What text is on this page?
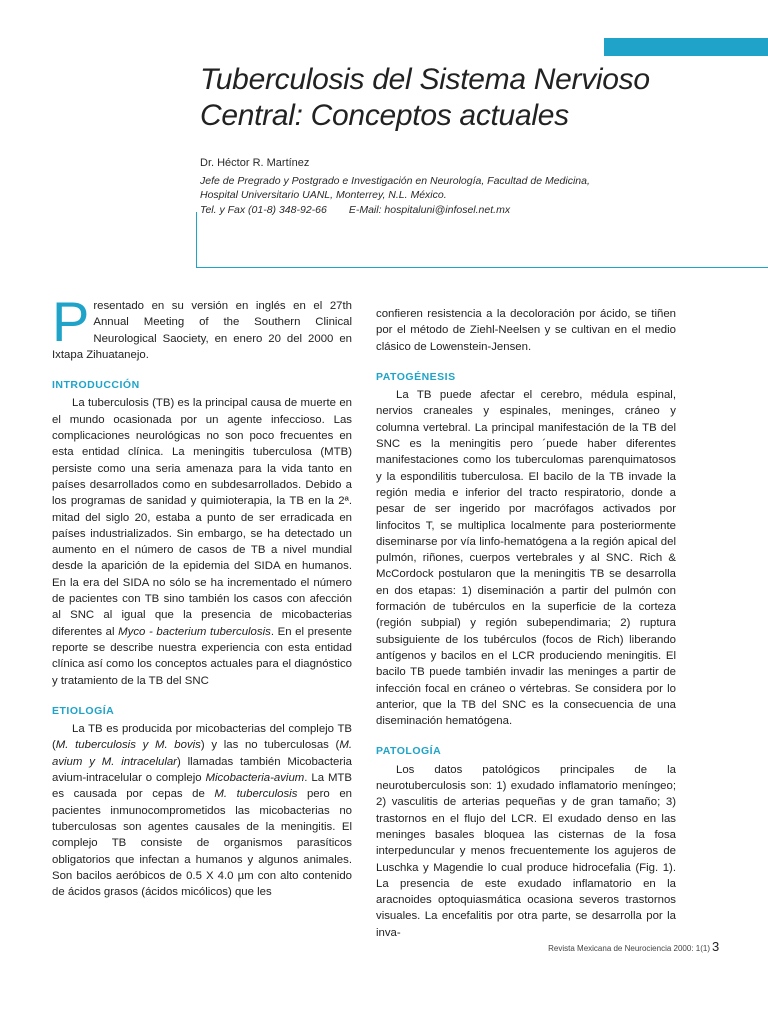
Tuberculosis del Sistema Nervioso
Central: Conceptos actuales
Dr. Héctor R. Martínez
Jefe de Pregrado y Postgrado e Investigación en Neurología, Facultad de Medicina,
Hospital Universitario UANL, Monterrey, N.L. México.
Tel. y Fax (01-8) 348-92-66 E-Mail: hospitaluni@infosel.net.mx

Presentado en su versión en inglés en el 27th Annual Meeting of the Southern Clinical Neurological Saociety, en enero 20 del 2000 en Ixtapa Zihuatanejo.

INTRODUCCIÓN

La tuberculosis (TB) es la principal causa de muerte en el mundo ocasionada por un agente infeccioso. Las complicaciones neurológicas no son poco frecuentes en esta entidad clínica. La meningitis tuberculosa (MTB) persiste como una seria amenaza para la vida tanto en países desarrollados como en subdesarrollados. Debido a los programas de sanidad y quimioterapia, la TB en la 2ª. mitad del siglo 20, estaba a punto de ser erradicada en países industrializados. Sin embargo, se ha detectado un aumento en el número de casos de TB a nivel mundial desde la aparición de la epidemia del SIDA en humanos. En la era del SIDA no sólo se ha incrementado el número de pacientes con TB sino también los casos con afección al SNC al igual que la presencia de micobacterias diferentes al Myco - bacterium tuberculosis. En el presente reporte se describe nuestra experiencia con esta entidad clínica así como los conceptos actuales para el diagnóstico y tratamiento de la TB del SNC

ETIOLOGÍA

La TB es producida por micobacterias del complejo TB (M. tuberculosis y M. bovis) y las no tuberculosas (M. avium y M. intracelular) llamadas también Micobacteria avium-intracelular o complejo Micobacteria-avium. La MTB es causada por cepas de M. tuberculosis pero en pacientes inmunocomprometidos las micobacterias no tuberculosas son agentes causales de la meningitis. El complejo TB consiste de organismos parasíticos obligatorios que infectan a humanos y algunos animales. Son bacilos aeróbicos de 0.5 X 4.0 µm con alto contenido de ácidos grasos (ácidos micólicos) que les

confieren resistencia a la decoloración por ácido, se tiñen por el método de Ziehl-Neelsen y se cultivan en el medio clásico de Lowenstein-Jensen.

PATOGÉNESIS

La TB puede afectar el cerebro, médula espinal, nervios craneales y espinales, meninges, cráneo y columna vertebral. La principal manifestación de la TB del SNC es la meningitis pero ´puede haber diferentes manifestaciones como los tuberculomas parenquimatosos y la espondilitis tuberculosa. El bacilo de la TB invade la región media e inferior del tracto respiratorio, donde a pesar de ser ingerido por macrófagos activados por linfocitos T, se multiplica localmente para posteriormente diseminarse por vía linfo-hematógena a la región apical del pulmón, riñones, cuerpos vertebrales y al SNC. Rich & McCordock postularon que la meningitis TB se desarrolla en dos etapas: 1) diseminación a partir del pulmón con formación de tubérculos en la superficie de la corteza (región subpial) y región subependimaria; 2) ruptura subsiguiente de los tubérculos (focos de Rich) liberando antígenos y bacilos en el LCR produciendo meningitis. El bacilo TB puede también invadir las meninges a partir de infección focal en cráneo o vértebras. Se considera por lo anterior, que la TB del SNC es la consecuencia de una diseminación hematógena.

PATOLOGÍA

Los datos patológicos principales de la neurotuberculosis son: 1) exudado inflamatorio meníngeo; 2) vasculitis de arterias pequeñas y de gran tamaño; 3) trastornos en el flujo del LCR. El exudado denso en las meninges basales bloquea las cisternas de la fosa interpeduncular y menos frecuentemente los agujeros de Luschka y Magendie lo cual produce hidrocefalia (Fig. 1). La presencia de este exudado inflamatorio en la aracnoides optoquiasmática ocasiona severos trastornos visuales. La encefalitis por otra parte, se desarrolla por la inva-

Revista Mexicana de Neurociencia 2000: 1(1) 3
